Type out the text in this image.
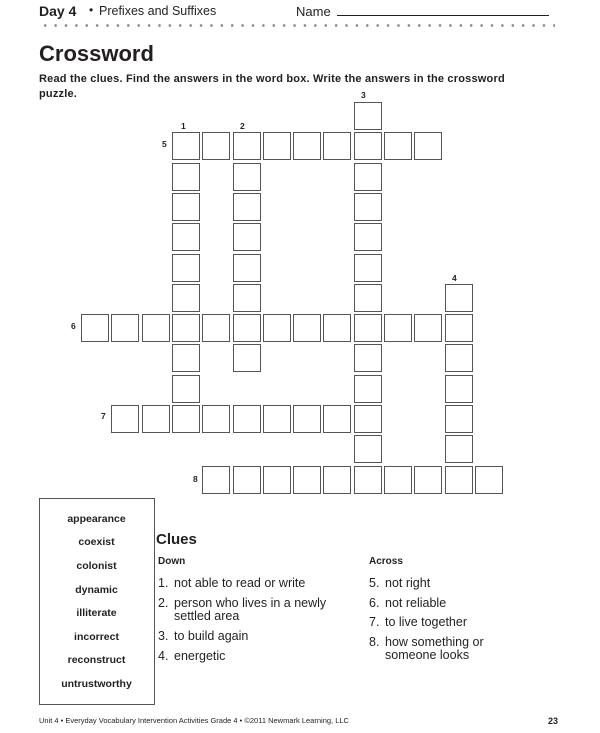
Day 4 • Prefixes and Suffixes	Name
Crossword
Read the clues. Find the answers in the word box. Write the answers in the crossword puzzle.
1	2
3
4
5
6
7
8
appearance
coexist
colonist
dynamic
illiterate
incorrect
reconstruct
untrustworthy
Clues
Down	Across
1. not able to read or write
2. person who lives in a newly settled area
3. to build again
4. energetic
5. not right
6. not reliable
7. to live together
8. how something or someone looks
Unit 4 • Everyday Vocabulary Intervention Activities Grade 4 • ©2011 Newmark Learning, LLC	23
